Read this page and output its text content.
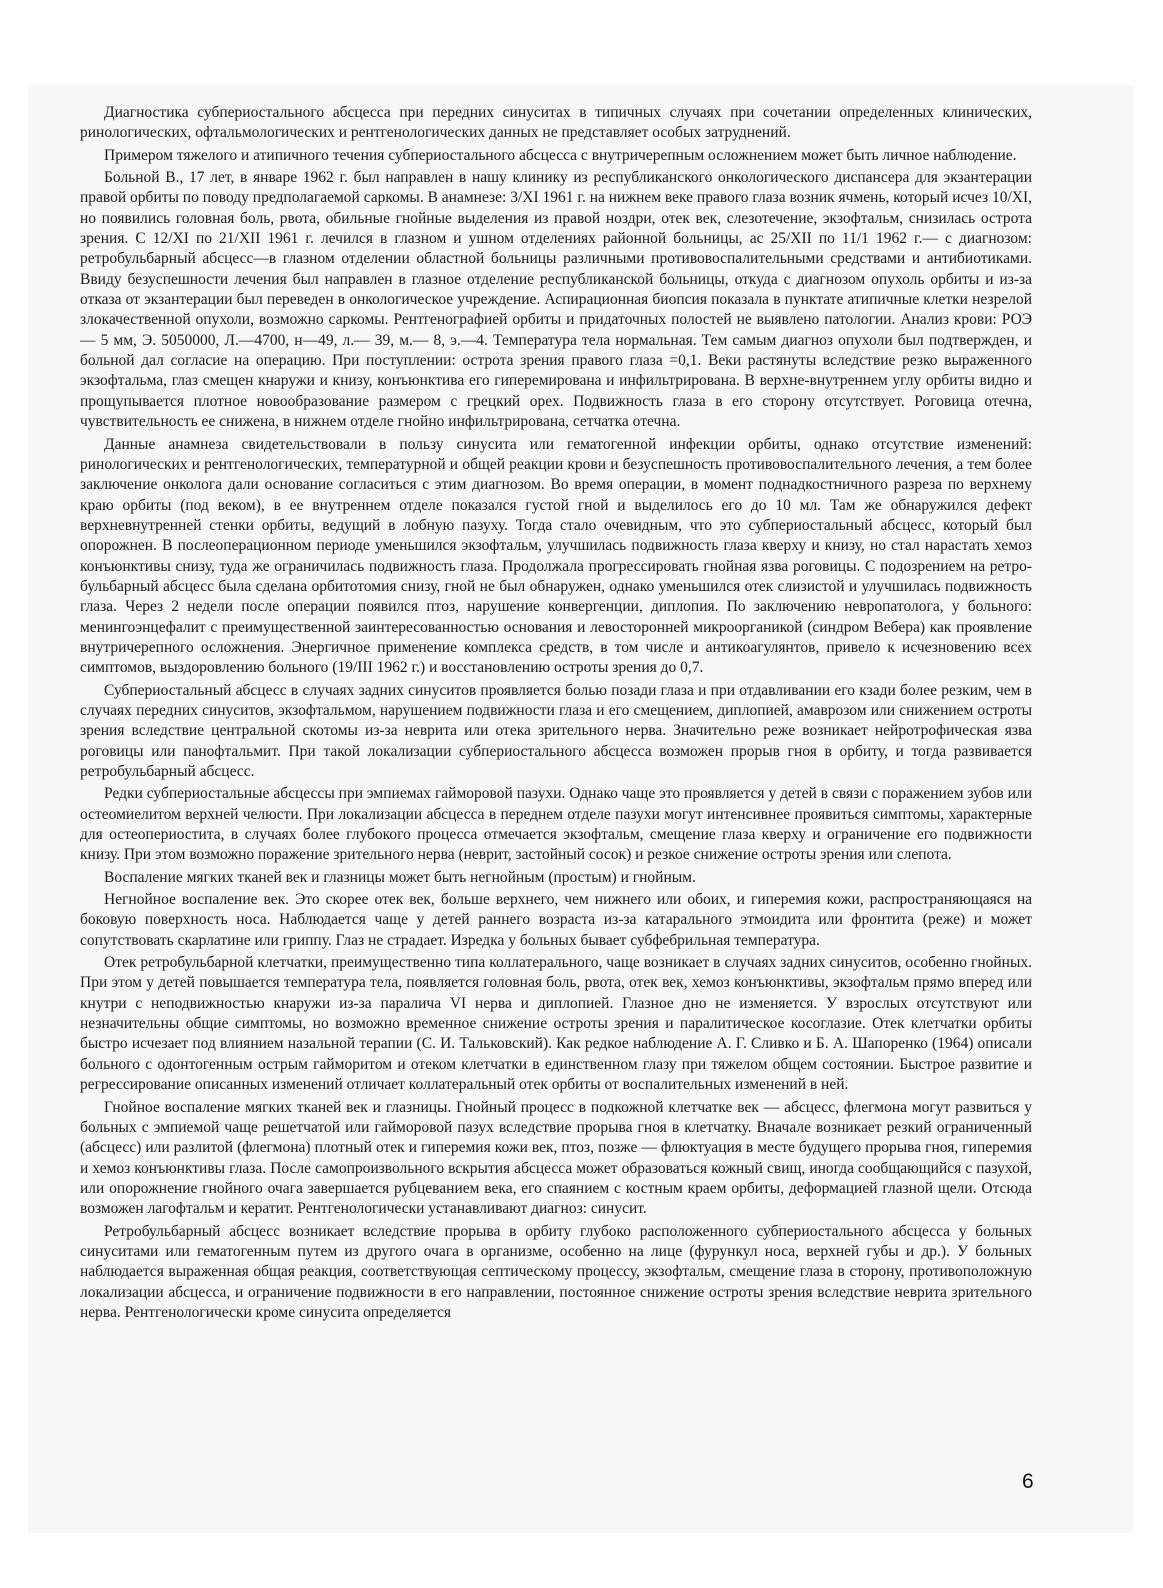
Диагностика субпериостального абсцесса при передних синуситах в типичных случаях при сочетании определенных клинических, ринологических, офтальмологических и рентгенологических данных не представляет особых затруднений.

Примером тяжелого и атипичного течения субпериостального абсцесса с внутричерепным осложнением может быть личное наблюдение.

Больной В., 17 лет, в январе 1962 г. был направлен в нашу клинику из республиканского онкологического диспансера для экзантерации правой орбиты по поводу предполагаемой саркомы. В анамнезе: 3/XI 1961 г. на нижнем веке правого глаза возник ячмень, который исчез 10/XI, но появились головная боль, рвота, обильные гнойные выделения из правой ноздри, отек век, слезотечение, экзофтальм, снизилась острота зрения. С 12/XI по 21/XII 1961 г. лечился в глазном и ушном отделениях районной больницы, ас 25/XII по 11/1 1962 г.— с диагнозом: ретробульбарный абсцесс—в глазном отделении областной больницы различными противовоспалительными средствами и антибиотиками. Ввиду безуспешности лечения был направлен в глазное отделение республиканской больницы, откуда с диагнозом опухоль орбиты и из-за отказа от экзантерации был переведен в онкологическое учреждение. Аспирационная биопсия показала в пунктате атипичные клетки незрелой злокачественной опухоли, возможно саркомы. Рентгенографией орбиты и придаточных полостей не выявлено патологии. Анализ крови: РОЭ — 5 мм, Э. 5050000, Л.—4700, н—49, л.— 39, м.— 8, э.—4. Температура тела нормальная. Тем самым диагноз опухоли был подтвержден, и больной дал согласие на операцию. При поступлении: острота зрения правого глаза =0,1. Веки растянуты вследствие резко выраженного экзофтальма, глаз смещен кнаружи и книзу, конъюнктива его гиперемирована и инфильтрирована. В верхне-внутреннем углу орбиты видно и прощупывается плотное новообразование размером с грецкий орех. Подвижность глаза в его сторону отсутствует. Роговица отечна, чувствительность ее снижена, в нижнем отделе гнойно инфильтрирована, сетчатка отечна.

Данные анамнеза свидетельствовали в пользу синусита или гематогенной инфекции орбиты, однако отсутствие изменений: ринологических и рентгенологических, температурной и общей реакции крови и безуспешность противовоспалительного лечения, а тем более заключение онколога дали основание согласиться с этим диагнозом. Во время операции, в момент поднадкостничного разреза по верхнему краю орбиты (под веком), в ее внутреннем отделе показался густой гной и выделилось его до 10 мл. Там же обнаружился дефект верхневнутренней стенки орбиты, ведущий в лобную пазуху. Тогда стало очевидным, что это субпериостальный абсцесс, который был опорожнен. В послеоперационном периоде уменьшился экзофтальм, улучшилась подвижность глаза кверху и книзу, но стал нарастать хемоз конъюнктивы снизу, туда же ограничилась подвижность глаза. Продолжала прогрессировать гнойная язва роговицы. С подозрением на ретробульбарный абсцесс была сделана орбитотомия снизу, гной не был обнаружен, однако уменьшился отек слизистой и улучшилась подвижность глаза. Через 2 недели после операции появился птоз, нарушение конвергенции, диплопия. По заключению невропатолога, у больного: менингоэнцефалит с преимущественной заинтересованностью основания и левосторонней микроорганикой (синдром Вебера) как проявление внутричерепного осложнения. Энергичное применение комплекса средств, в том числе и антикоагулянтов, привело к исчезновению всех симптомов, выздоровлению больного (19/III 1962 г.) и восстановлению остроты зрения до 0,7.

Субпериостальный абсцесс в случаях задних синуситов проявляется болью позади глаза и при отдавливании его кзади более резким, чем в случаях передних синуситов, экзофтальмом, нарушением подвижности глаза и его смещением, диплопией, амаврозом или снижением остроты зрения вследствие центральной скотомы из-за неврита или отека зрительного нерва. Значительно реже возникает нейротрофическая язва роговицы или панофтальмит. При такой локализации субпериостального абсцесса возможен прорыв гноя в орбиту, и тогда развивается ретробульбарный абсцесс.

Редки субпериостальные абсцессы при эмпиемах гайморовой пазухи. Однако чаще это проявляется у детей в связи с поражением зубов или остеомиелитом верхней челюсти. При локализации абсцесса в переднем отделе пазухи могут интенсивнее проявиться симптомы, характерные для остеопериостита, в случаях более глубокого процесса отмечается экзофтальм, смещение глаза кверху и ограничение его подвижности книзу. При этом возможно поражение зрительного нерва (неврит, застойный сосок) и резкое снижение остроты зрения или слепота.

Воспаление мягких тканей век и глазницы может быть негнойным (простым) и гнойным.

Негнойное воспаление век. Это скорее отек век, больше верхнего, чем нижнего или обоих, и гиперемия кожи, распространяющаяся на боковую поверхность носа. Наблюдается чаще у детей раннего возраста из-за катарального этмоидита или фронтита (реже) и может сопутствовать скарлатине или гриппу. Глаз не страдает. Изредка у больных бывает субфебрильная температура.

Отек ретробульбарной клетчатки, преимущественно типа коллатерального, чаще возникает в случаях задних синуситов, особенно гнойных. При этом у детей повышается температура тела, появляется головная боль, рвота, отек век, хемоз конъюнктивы, экзофтальм прямо вперед или кнутри с неподвижностью кнаружи из-за паралича VI нерва и диплопией. Глазное дно не изменяется. У взрослых отсутствуют или незначительны общие симптомы, но возможно временное снижение остроты зрения и паралитическое косоглазие. Отек клетчатки орбиты быстро исчезает под влиянием назальной терапии (С. И. Тальковский). Как редкое наблюдение А. Г. Сливко и Б. А. Шапоренко (1964) описали больного с одонтогенным острым гайморитом и отеком клетчатки в единственном глазу при тяжелом общем состоянии. Быстрое развитие и регрессирование описанных изменений отличает коллатеральный отек орбиты от воспалительных изменений в ней.

Гнойное воспаление мягких тканей век и глазницы. Гнойный процесс в подкожной клетчатке век — абсцесс, флегмона могут развиться у больных с эмпиемой чаще решетчатой или гайморовой пазух вследствие прорыва гноя в клетчатку. Вначале возникает резкий ограниченный (абсцесс) или разлитой (флегмона) плотный отек и гиперемия кожи век, птоз, позже — флюктуация в месте будущего прорыва гноя, гиперемия и хемоз конъюнктивы глаза. После самопроизвольного вскрытия абсцесса может образоваться кожный свищ, иногда сообщающийся с пазухой, или опорожнение гнойного очага завершается рубцеванием века, его спаянием с костным краем орбиты, деформацией глазной щели. Отсюда возможен лагофтальм и кератит. Рентгенологически устанавливают диагноз: синусит.

Ретробульбарный абсцесс возникает вследствие прорыва в орбиту глубоко расположенного субпериостального абсцесса у больных синуситами или гематогенным путем из другого очага в организме, особенно на лице (фурункул носа, верхней губы и др.). У больных наблюдается выраженная общая реакция, соответствующая септическому процессу, экзофтальм, смещение глаза в сторону, противоположную локализации абсцесса, и ограничение подвижности в его направлении, постоянное снижение остроты зрения вследствие неврита зрительного нерва. Рентгенологически кроме синусита определяется

6
